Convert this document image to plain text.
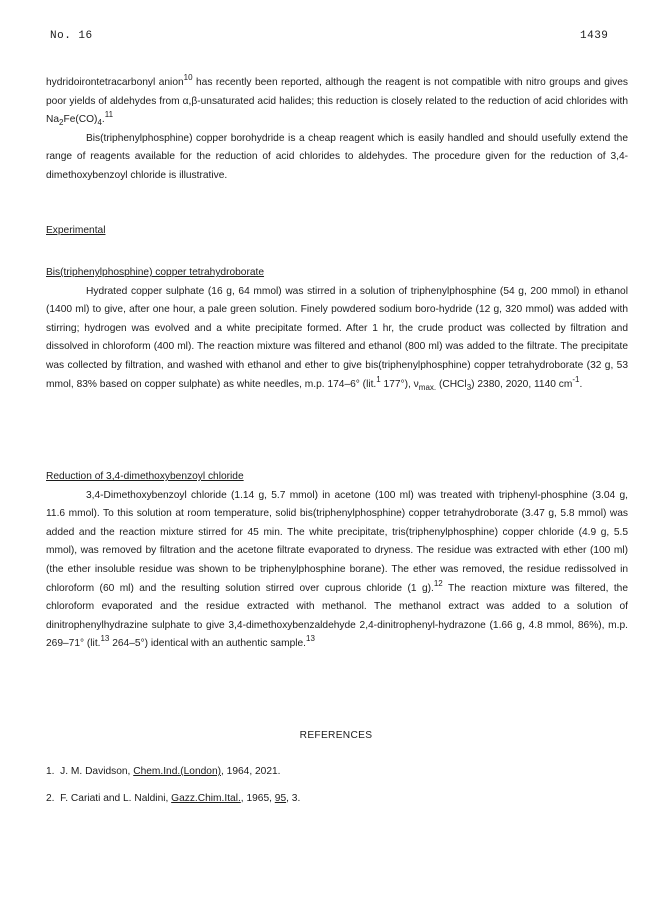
No. 16	1439

hydridoirontetracarbonyl anion$^{10}$ has recently been reported, although the reagent is not compatible with nitro groups and gives poor yields of aldehydes from α,β-unsaturated acid halides; this reduction is closely related to the reduction of acid chlorides with $Na_2Fe(CO)_4.^{11}$

Bis(triphenylphosphine) copper borohydride is a cheap reagent which is easily handled and should usefully extend the range of reagents available for the reduction of acid chlorides to aldehydes. The procedure given for the reduction of 3,4-dimethoxybenzoyl chloride is illustrative.

Experimental

Bis(triphenylphosphine) copper tetrahydroborate

Hydrated copper sulphate (16 g, 64 mmol) was stirred in a solution of triphenylphosphine (54 g, 200 mmol) in ethanol (1400 ml) to give, after one hour, a pale green solution. Finely powdered sodium boro-hydride (12 g, 320 mmol) was added with stirring; hydrogen was evolved and a white precipitate formed. After 1 hr, the crude product was collected by filtration and dissolved in chloroform (400 ml). The reaction mixture was filtered and ethanol (800 ml) was added to the filtrate. The precipitate was collected by filtration, and washed with ethanol and ether to give bis(triphenylphosphine) copper tetrahydroborate (32 g, 53 mmol, 83% based on copper sulphate) as white needles, m.p. 174–6° (lit.$^1$ 177°), $\nu_{max.}$ (CHCl$_3$) 2380, 2020, 1140 $cm^{-1}$.

Reduction of 3,4-dimethoxybenzoyl chloride

3,4-Dimethoxybenzoyl chloride (1.14 g, 5.7 mmol) in acetone (100 ml) was treated with triphenyl-phosphine (3.04 g, 11.6 mmol). To this solution at room temperature, solid bis(triphenylphosphine) copper tetrahydroborate (3.47 g, 5.8 mmol) was added and the reaction mixture stirred for 45 min. The white precipitate, tris(triphenylphosphine) copper chloride (4.9 g, 5.5 mmol), was removed by filtration and the acetone filtrate evaporated to dryness. The residue was extracted with ether (100 ml) (the ether insoluble residue was shown to be triphenylphosphine borane). The ether was removed, the residue redissolved in chloroform (60 ml) and the resulting solution stirred over cuprous chloride (1 g).$^{12}$ The reaction mixture was filtered, the chloroform evaporated and the residue extracted with methanol. The methanol extract was added to a solution of dinitrophenylhydrazine sulphate to give 3,4-dimethoxybenzaldehyde 2,4-dinitrophenyl-hydrazone (1.66 g, 4.8 mmol, 86%), m.p. 269–71° (lit.$^{13}$ 264–5°) identical with an authentic sample.$^{13}$

REFERENCES
1. J. M. Davidson, Chem.Ind.(London), 1964, 2021.
2. F. Cariati and L. Naldini, Gazz.Chim.Ital., 1965, 95, 3.
